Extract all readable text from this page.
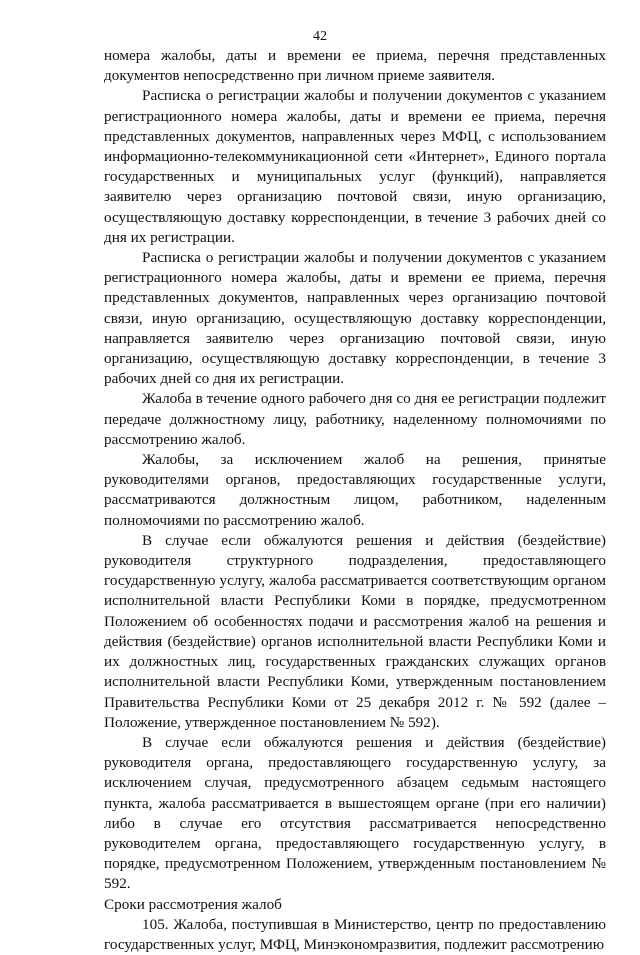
42

номера жалобы, даты и времени ее приема, перечня представленных документов непосредственно при личном приеме заявителя.

Расписка о регистрации жалобы и получении документов с указанием регистрационного номера жалобы, даты и времени ее приема, перечня представленных документов, направленных через МФЦ, с использованием информационно-телекоммуникационной сети «Интернет», Единого портала государственных и муниципальных услуг (функций), направляется заявителю через организацию почтовой связи, иную организацию, осуществляющую доставку корреспонденции, в течение 3 рабочих дней со дня их регистрации.

Расписка о регистрации жалобы и получении документов с указанием регистрационного номера жалобы, даты и времени ее приема, перечня представленных документов, направленных через организацию почтовой связи, иную организацию, осуществляющую доставку корреспонденции, направляется заявителю через организацию почтовой связи, иную организацию, осуществляющую доставку корреспонденции, в течение 3 рабочих дней со дня их регистрации.

Жалоба в течение одного рабочего дня со дня ее регистрации подлежит передаче должностному лицу, работнику, наделенному полномочиями по рассмотрению жалоб.

Жалобы, за исключением жалоб на решения, принятые руководителями органов, предоставляющих государственные услуги, рассматриваются должностным лицом, работником, наделенным полномочиями по рассмотрению жалоб.

В случае если обжалуются решения и действия (бездействие) руководителя структурного подразделения, предоставляющего государственную услугу, жалоба рассматривается соответствующим органом исполнительной власти Республики Коми в порядке, предусмотренном Положением об особенностях подачи и рассмотрения жалоб на решения и действия (бездействие) органов исполнительной власти Республики Коми и их должностных лиц, государственных гражданских служащих органов исполнительной власти Республики Коми, утвержденным постановлением Правительства Республики Коми от 25 декабря 2012 г. № 592 (далее – Положение, утвержденное постановлением № 592).

В случае если обжалуются решения и действия (бездействие) руководителя органа, предоставляющего государственную услугу, за исключением случая, предусмотренного абзацем седьмым настоящего пункта, жалоба рассматривается в вышестоящем органе (при его наличии) либо в случае его отсутствия рассматривается непосредственно руководителем органа, предоставляющего государственную услугу, в порядке, предусмотренном Положением, утвержденным постановлением № 592.

Сроки рассмотрения жалоб

105. Жалоба, поступившая в Министерство, центр по предоставлению государственных услуг, МФЦ, Минэкономразвития, подлежит рассмотрению
